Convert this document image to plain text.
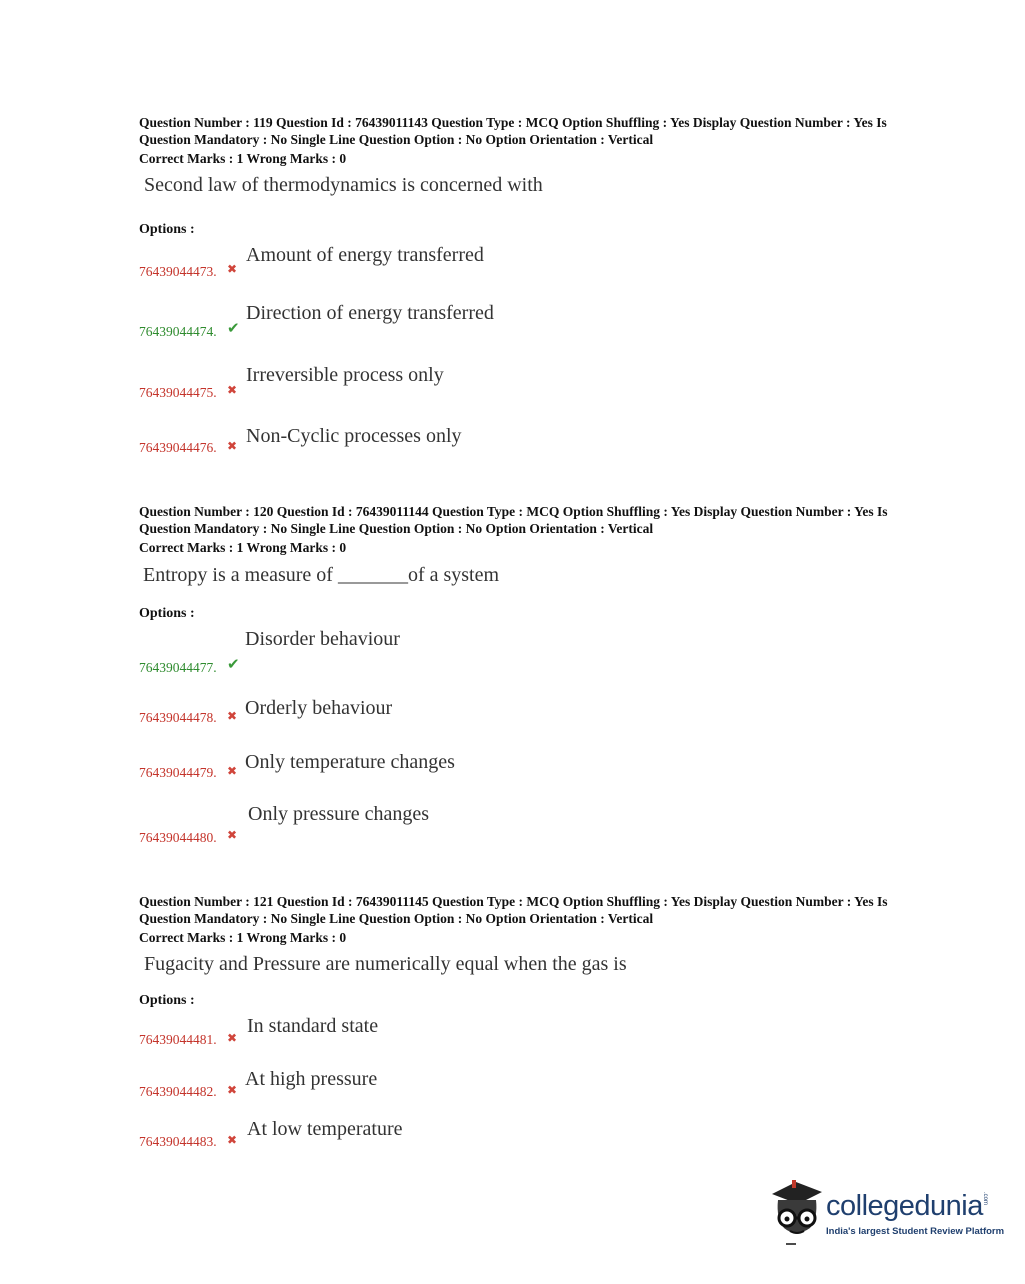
Question Number : 119 Question Id : 76439011143 Question Type : MCQ Option Shuffling : Yes Display Question Number : Yes Is Question Mandatory : No Single Line Question Option : No Option Orientation : Vertical
Correct Marks : 1 Wrong Marks : 0
Second law of thermodynamics is concerned with
Options :
76439044473. ✖
Amount of energy transferred
76439044474. ✔
Direction of energy transferred
76439044475. ✖
Irreversible process only
76439044476. ✖ Non-Cyclic processes only
Question Number : 120 Question Id : 76439011144 Question Type : MCQ Option Shuffling : Yes Display Question Number : Yes Is Question Mandatory : No Single Line Question Option : No Option Orientation : Vertical
Correct Marks : 1 Wrong Marks : 0
Entropy is a measure of _______of a system
Options :
76439044477. ✔
Disorder behaviour
76439044478. ✖ Orderly behaviour
76439044479. ✖ Only temperature changes
76439044480. ✖
Only pressure changes
Question Number : 121 Question Id : 76439011145 Question Type : MCQ Option Shuffling : Yes Display Question Number : Yes Is Question Mandatory : No Single Line Question Option : No Option Orientation : Vertical
Correct Marks : 1 Wrong Marks : 0
Fugacity and Pressure are numerically equal when the gas is
Options :
76439044481. ✖
In standard state
76439044482. ✖ At high pressure
76439044483. ✖ At low temperature
collegedunia .com
India's largest Student Review Platform
